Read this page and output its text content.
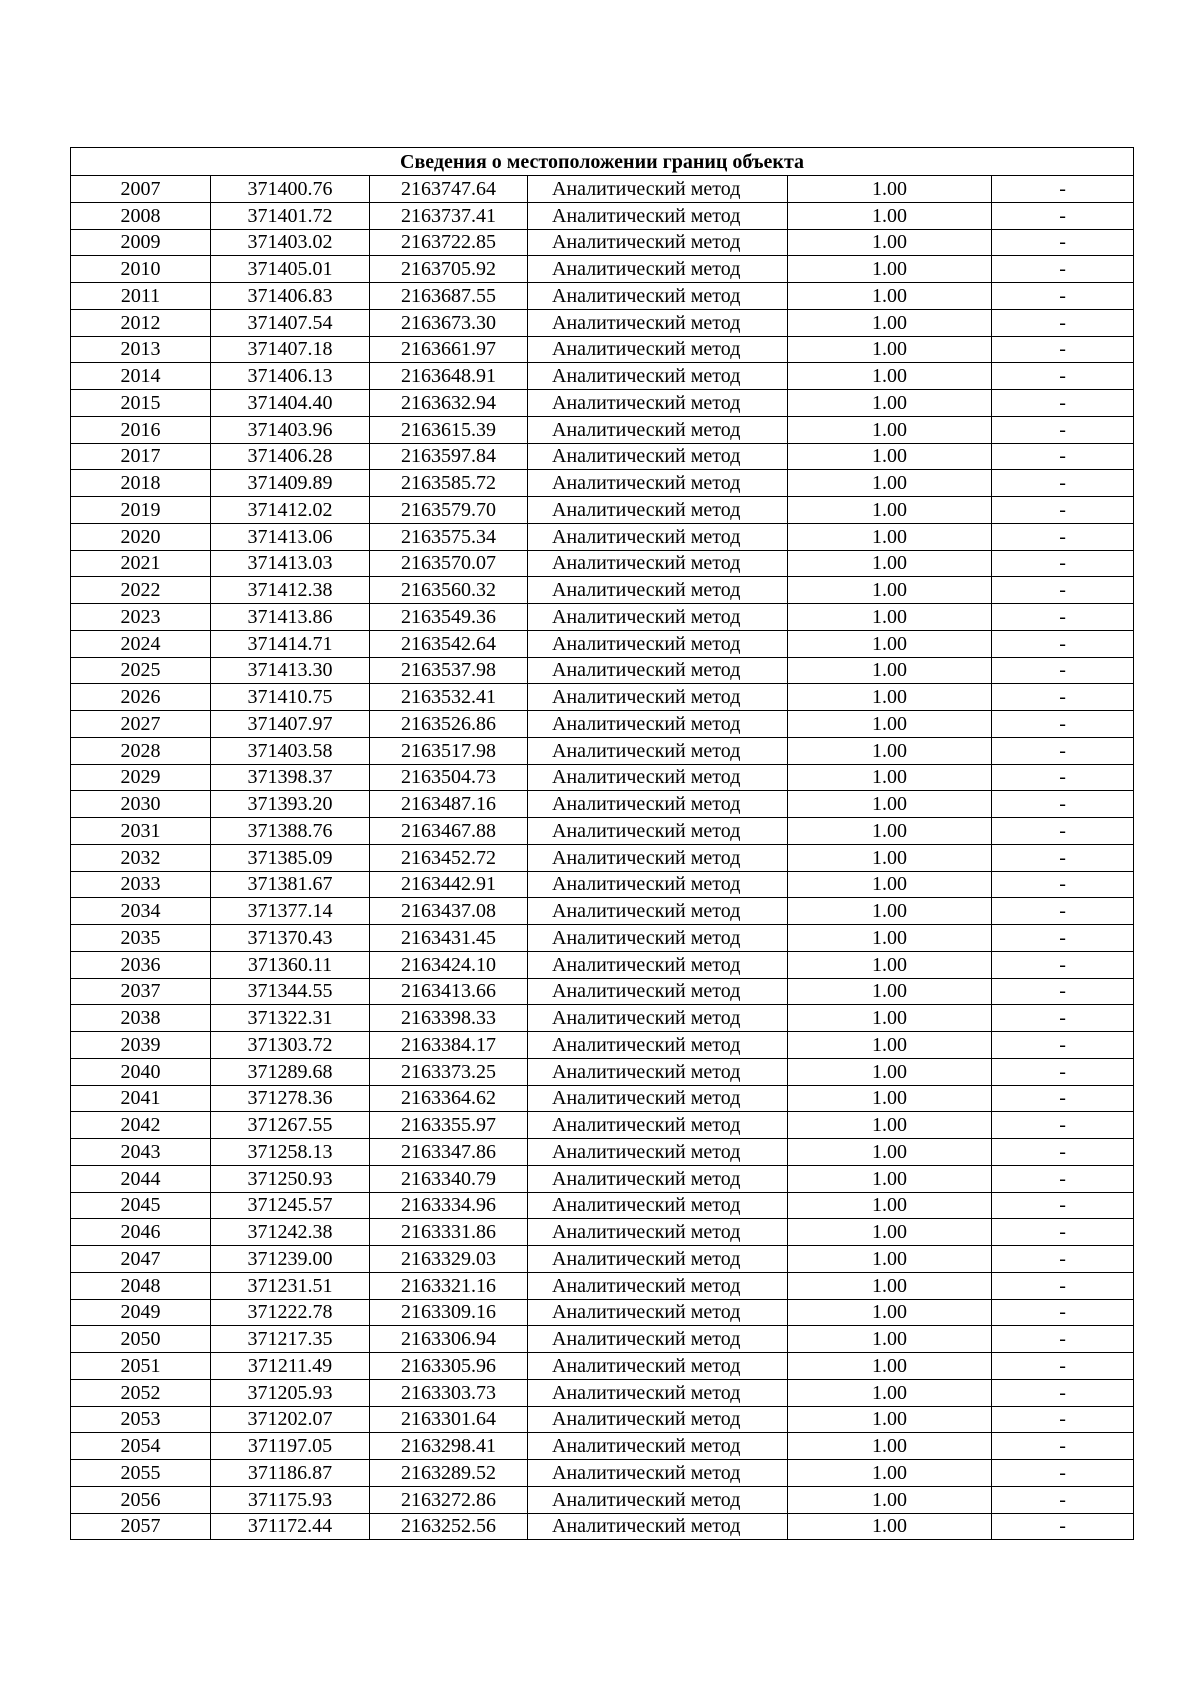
Сведения о местоположении границ объекта					
2007	371400.76	2163747.64	Аналитический метод	1.00	-
2008	371401.72	2163737.41	Аналитический метод	1.00	-
2009	371403.02	2163722.85	Аналитический метод	1.00	-
2010	371405.01	2163705.92	Аналитический метод	1.00	-
2011	371406.83	2163687.55	Аналитический метод	1.00	-
2012	371407.54	2163673.30	Аналитический метод	1.00	-
2013	371407.18	2163661.97	Аналитический метод	1.00	-
2014	371406.13	2163648.91	Аналитический метод	1.00	-
2015	371404.40	2163632.94	Аналитический метод	1.00	-
2016	371403.96	2163615.39	Аналитический метод	1.00	-
2017	371406.28	2163597.84	Аналитический метод	1.00	-
2018	371409.89	2163585.72	Аналитический метод	1.00	-
2019	371412.02	2163579.70	Аналитический метод	1.00	-
2020	371413.06	2163575.34	Аналитический метод	1.00	-
2021	371413.03	2163570.07	Аналитический метод	1.00	-
2022	371412.38	2163560.32	Аналитический метод	1.00	-
2023	371413.86	2163549.36	Аналитический метод	1.00	-
2024	371414.71	2163542.64	Аналитический метод	1.00	-
2025	371413.30	2163537.98	Аналитический метод	1.00	-
2026	371410.75	2163532.41	Аналитический метод	1.00	-
2027	371407.97	2163526.86	Аналитический метод	1.00	-
2028	371403.58	2163517.98	Аналитический метод	1.00	-
2029	371398.37	2163504.73	Аналитический метод	1.00	-
2030	371393.20	2163487.16	Аналитический метод	1.00	-
2031	371388.76	2163467.88	Аналитический метод	1.00	-
2032	371385.09	2163452.72	Аналитический метод	1.00	-
2033	371381.67	2163442.91	Аналитический метод	1.00	-
2034	371377.14	2163437.08	Аналитический метод	1.00	-
2035	371370.43	2163431.45	Аналитический метод	1.00	-
2036	371360.11	2163424.10	Аналитический метод	1.00	-
2037	371344.55	2163413.66	Аналитический метод	1.00	-
2038	371322.31	2163398.33	Аналитический метод	1.00	-
2039	371303.72	2163384.17	Аналитический метод	1.00	-
2040	371289.68	2163373.25	Аналитический метод	1.00	-
2041	371278.36	2163364.62	Аналитический метод	1.00	-
2042	371267.55	2163355.97	Аналитический метод	1.00	-
2043	371258.13	2163347.86	Аналитический метод	1.00	-
2044	371250.93	2163340.79	Аналитический метод	1.00	-
2045	371245.57	2163334.96	Аналитический метод	1.00	-
2046	371242.38	2163331.86	Аналитический метод	1.00	-
2047	371239.00	2163329.03	Аналитический метод	1.00	-
2048	371231.51	2163321.16	Аналитический метод	1.00	-
2049	371222.78	2163309.16	Аналитический метод	1.00	-
2050	371217.35	2163306.94	Аналитический метод	1.00	-
2051	371211.49	2163305.96	Аналитический метод	1.00	-
2052	371205.93	2163303.73	Аналитический метод	1.00	-
2053	371202.07	2163301.64	Аналитический метод	1.00	-
2054	371197.05	2163298.41	Аналитический метод	1.00	-
2055	371186.87	2163289.52	Аналитический метод	1.00	-
2056	371175.93	2163272.86	Аналитический метод	1.00	-
2057	371172.44	2163252.56	Аналитический метод	1.00	-
